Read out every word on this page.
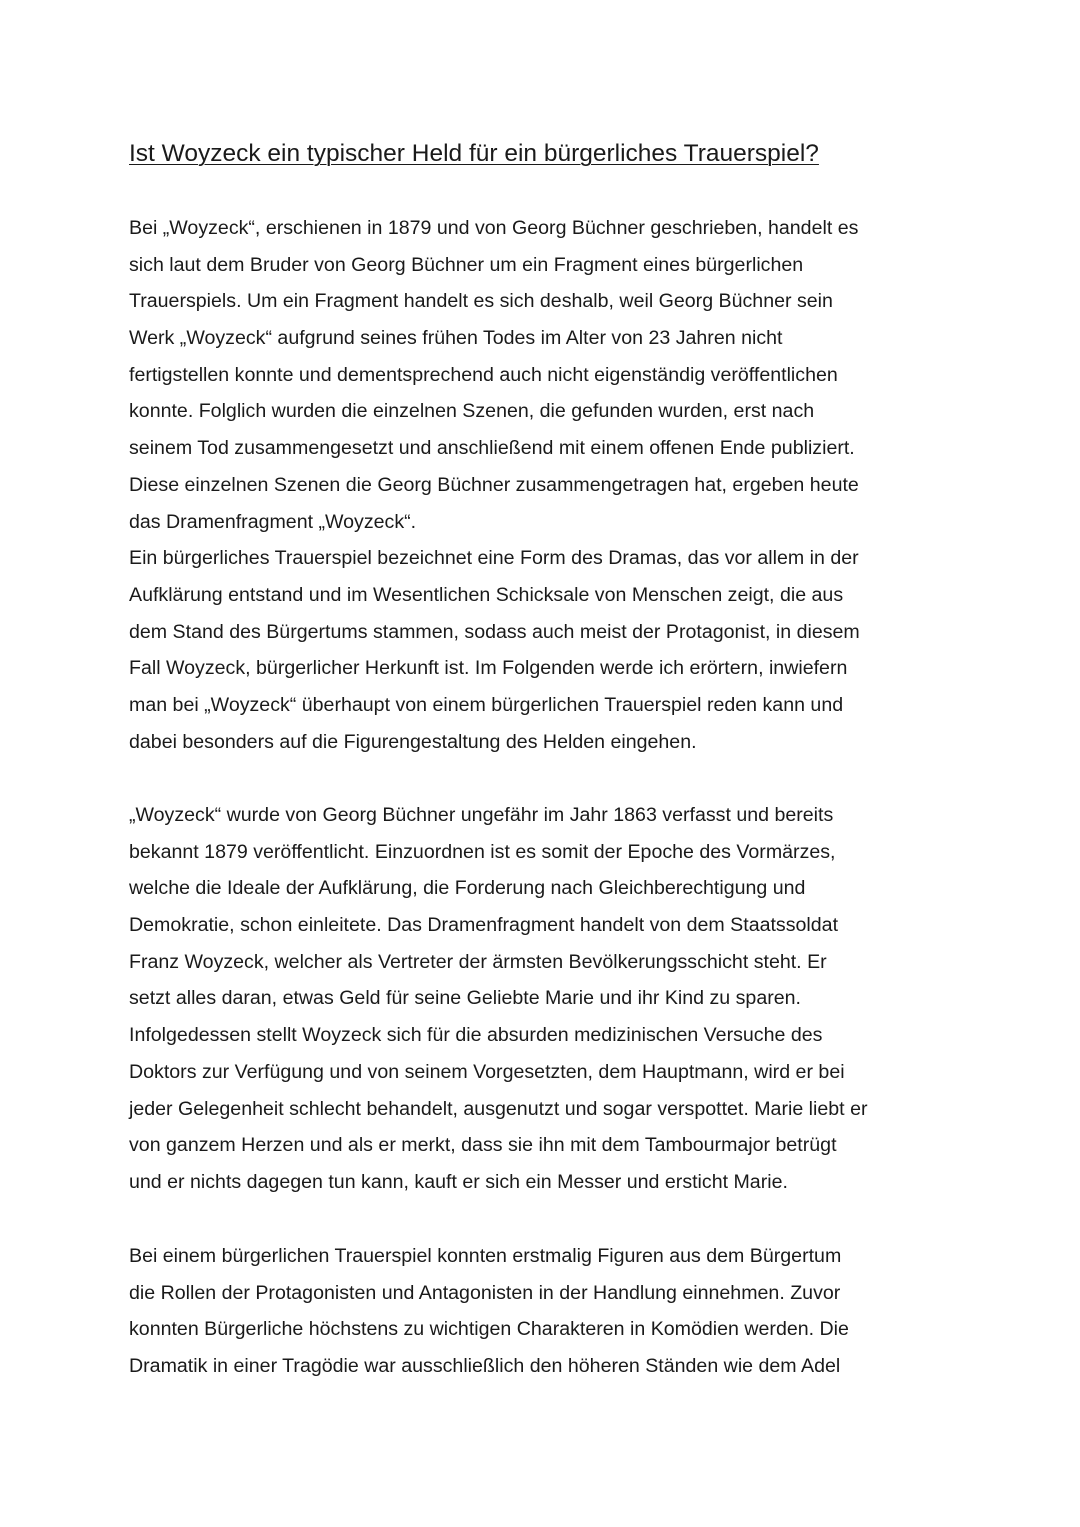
Ist Woyzeck ein typischer Held für ein bürgerliches Trauerspiel?

Bei „Woyzeck“, erschienen in 1879 und von Georg Büchner geschrieben, handelt es
sich laut dem Bruder von Georg Büchner um ein Fragment eines bürgerlichen
Trauerspiels. Um ein Fragment handelt es sich deshalb, weil Georg Büchner sein
Werk „Woyzeck“ aufgrund seines frühen Todes im Alter von 23 Jahren nicht
fertigstellen konnte und dementsprechend auch nicht eigenständig veröffentlichen
konnte. Folglich wurden die einzelnen Szenen, die gefunden wurden, erst nach
seinem Tod zusammengesetzt und anschließend mit einem offenen Ende publiziert.
Diese einzelnen Szenen die Georg Büchner zusammengetragen hat, ergeben heute
das Dramenfragment „Woyzeck“.
Ein bürgerliches Trauerspiel bezeichnet eine Form des Dramas, das vor allem in der
Aufklärung entstand und im Wesentlichen Schicksale von Menschen zeigt, die aus
dem Stand des Bürgertums stammen, sodass auch meist der Protagonist, in diesem
Fall Woyzeck, bürgerlicher Herkunft ist. Im Folgenden werde ich erörtern, inwiefern
man bei „Woyzeck“ überhaupt von einem bürgerlichen Trauerspiel reden kann und
dabei besonders auf die Figurengestaltung des Helden eingehen.

„Woyzeck“ wurde von Georg Büchner ungefähr im Jahr 1863 verfasst und bereits
bekannt 1879 veröffentlicht. Einzuordnen ist es somit der Epoche des Vormärzes,
welche die Ideale der Aufklärung, die Forderung nach Gleichberechtigung und
Demokratie, schon einleitete. Das Dramenfragment handelt von dem Staatssoldat
Franz Woyzeck, welcher als Vertreter der ärmsten Bevölkerungsschicht steht. Er
setzt alles daran, etwas Geld für seine Geliebte Marie und ihr Kind zu sparen.
Infolgedessen stellt Woyzeck sich für die absurden medizinischen Versuche des
Doktors zur Verfügung und von seinem Vorgesetzten, dem Hauptmann, wird er bei
jeder Gelegenheit schlecht behandelt, ausgenutzt und sogar verspottet. Marie liebt er
von ganzem Herzen und als er merkt, dass sie ihn mit dem Tambourmajor betrügt
und er nichts dagegen tun kann, kauft er sich ein Messer und ersticht Marie.

Bei einem bürgerlichen Trauerspiel konnten erstmalig Figuren aus dem Bürgertum
die Rollen der Protagonisten und Antagonisten in der Handlung einnehmen. Zuvor
konnten Bürgerliche höchstens zu wichtigen Charakteren in Komödien werden. Die
Dramatik in einer Tragödie war ausschließlich den höheren Ständen wie dem Adel
